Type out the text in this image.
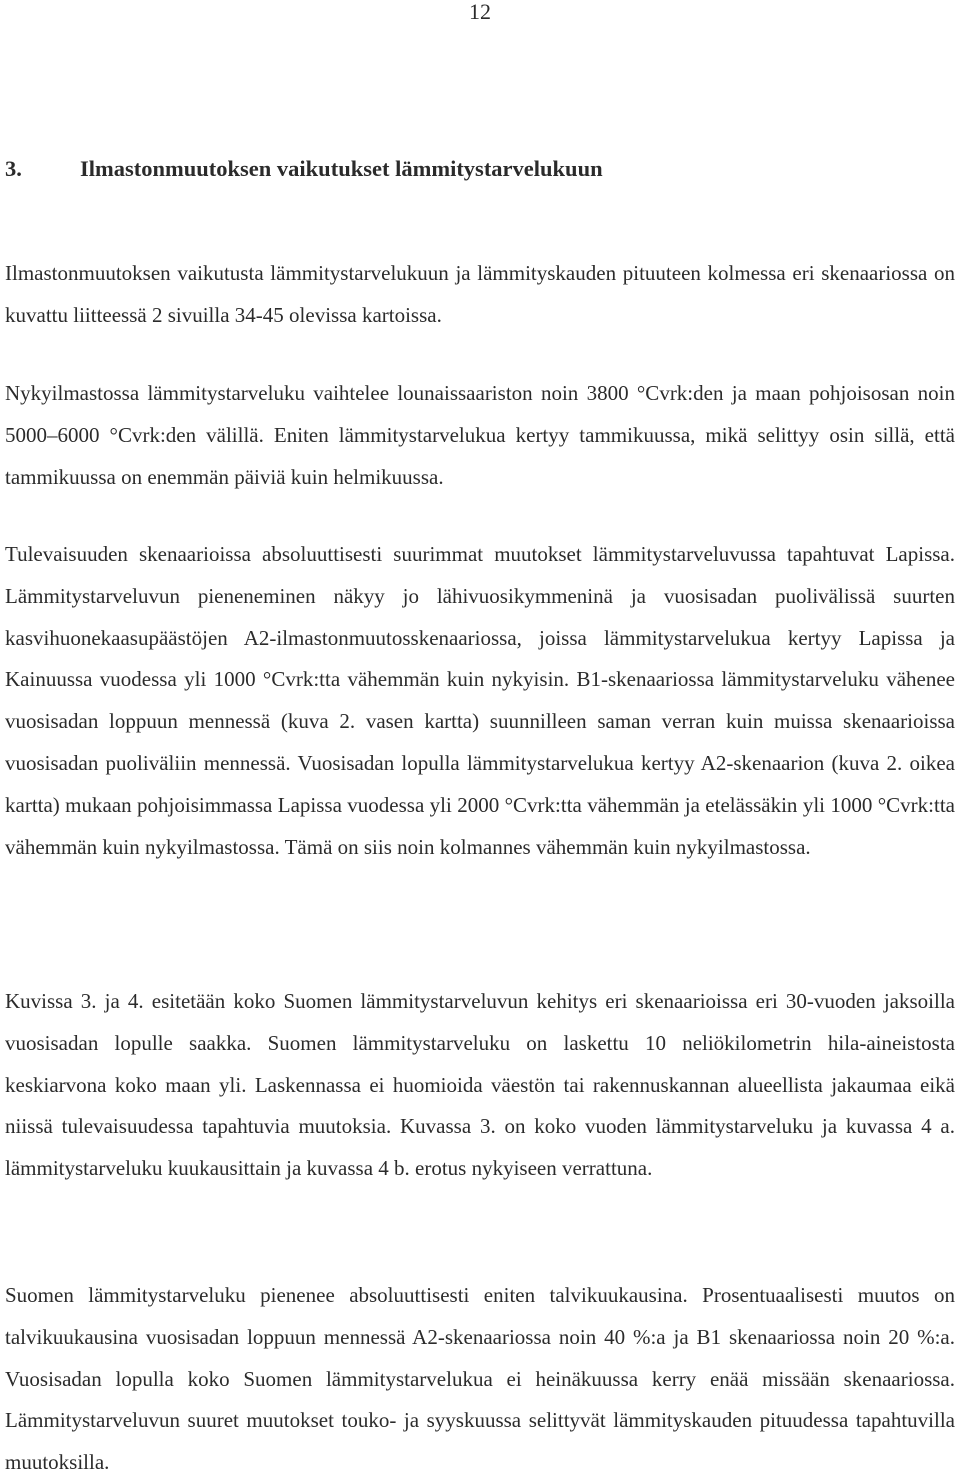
12
3.	Ilmastonmuutoksen vaikutukset lämmitystarvelukuun

Ilmastonmuutoksen vaikutusta lämmitystarvelukuun ja lämmityskauden pituuteen kolmessa eri skenaariossa on kuvattu liitteessä 2 sivuilla 34-45 olevissa kartoissa.

Nykyilmastossa lämmitystarveluku vaihtelee lounaissaariston noin 3800 °Cvrk:den ja maan pohjoisosan noin 5000–6000 °Cvrk:den välillä. Eniten lämmitystarvelukua kertyy tammikuussa, mikä selittyy osin sillä, että tammikuussa on enemmän päiviä kuin helmikuussa.

Tulevaisuuden skenaarioissa absoluuttisesti suurimmat muutokset lämmitystarveluvussa tapahtuvat Lapissa. Lämmitystarveluvun pieneneminen näkyy jo lähivuosikymmeninä ja vuosisadan puolivälissä suurten kasvihuonekaasupäästöjen A2-ilmastonmuutosskenaariossa, joissa lämmitystarvelukua kertyy Lapissa ja Kainuussa vuodessa yli 1000 °Cvrk:tta vähemmän kuin nykyisin. B1-skenaariossa lämmitystarveluku vähenee vuosisadan loppuun mennessä (kuva 2. vasen kartta) suunnilleen saman verran kuin muissa skenaarioissa vuosisadan puoliväliin mennessä. Vuosisadan lopulla lämmitystarvelukua kertyy A2-skenaarion (kuva 2. oikea kartta) mukaan pohjoisimmassa Lapissa vuodessa yli 2000 °Cvrk:tta vähemmän ja etelässäkin yli 1000 °Cvrk:tta vähemmän kuin nykyilmastossa. Tämä on siis noin kolmannes vähemmän kuin nykyilmastossa.

Kuvissa 3. ja 4. esitetään koko Suomen lämmitystarveluvun kehitys eri skenaarioissa eri 30-vuoden jaksoilla vuosisadan lopulle saakka. Suomen lämmitystarveluku on laskettu 10 neliökilometrin hila-aineistosta keskiarvona koko maan yli. Laskennassa ei huomioida väestön tai rakennuskannan alueellista jakaumaa eikä niissä tulevaisuudessa tapahtuvia muutoksia. Kuvassa 3. on koko vuoden lämmitystarveluku ja kuvassa 4 a. lämmitystarveluku kuukausittain ja kuvassa 4 b. erotus nykyiseen verrattuna.

Suomen lämmitystarveluku pienenee absoluuttisesti eniten talvikuukausina. Prosentuaalisesti muutos on talvikuukausina vuosisadan loppuun mennessä A2-skenaariossa noin 40 %:a ja B1 skenaariossa noin 20 %:a. Vuosisadan lopulla koko Suomen lämmitystarvelukua ei heinäkuussa kerry enää missään skenaariossa. Lämmitystarveluvun suuret muutokset touko- ja syyskuussa selittyvät lämmityskauden pituudessa tapahtuvilla muutoksilla.
